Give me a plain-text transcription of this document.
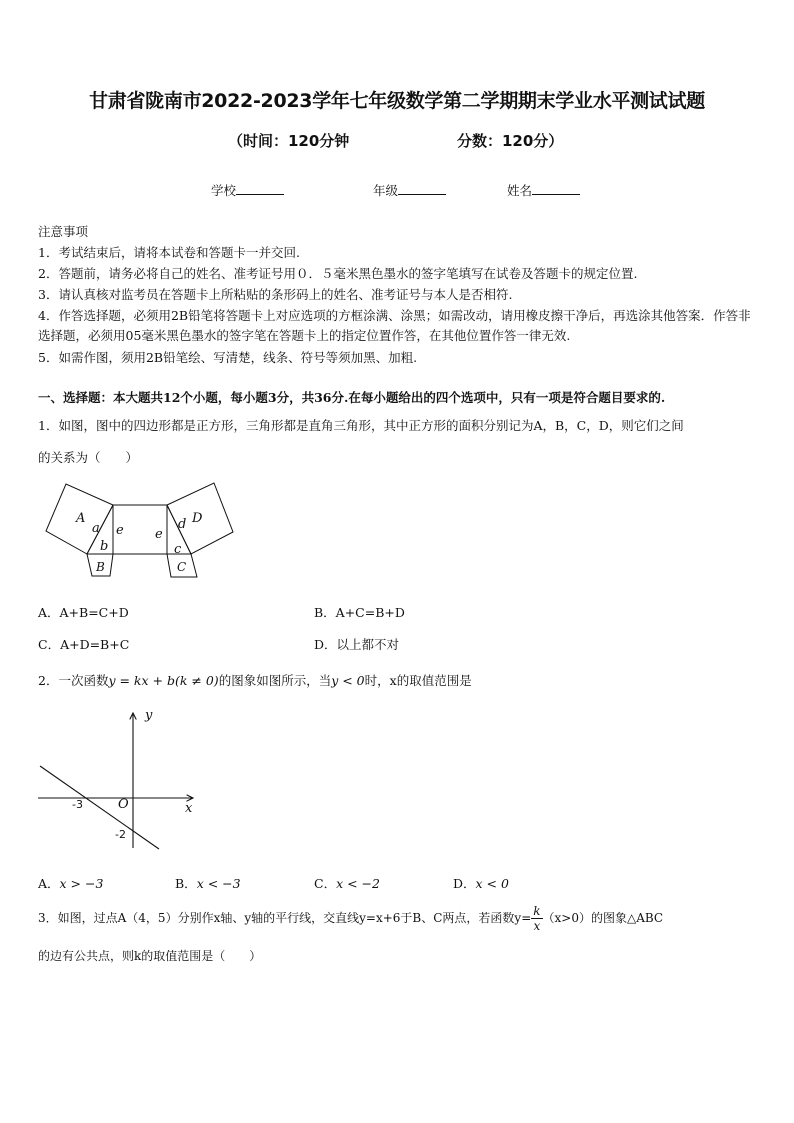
甘肃省陇南市2022-2023学年七年级数学第二学期期末学业水平测试试题
（时间：120分钟	分数：120分）
学校	年级	姓名
注意事项
1．考试结束后，请将本试卷和答题卡一并交回.
2．答题前，请务必将自己的姓名、准考证号用０．５毫米黑色墨水的签字笔填写在试卷及答题卡的规定位置.
3．请认真核对监考员在答题卡上所粘贴的条形码上的姓名、准考证号与本人是否相符.
4．作答选择题，必须用2B铅笔将答题卡上对应选项的方框涂满、涂黑；如需改动，请用橡皮擦干净后，再选涂其他答案．作答非选择题，必须用05毫米黑色墨水的签字笔在答题卡上的指定位置作答，在其他位置作答一律无效.
5．如需作图，须用2B铅笔绘、写清楚，线条、符号等须加黑、加粗.
一、选择题：本大题共12个小题，每小题3分，共36分.在每小题给出的四个选项中，只有一项是符合题目要求的.
1．如图，图中的四边形都是正方形，三角形都是直角三角形，其中正方形的面积分别记为A，B，C，D，则它们之间
的关系为（　　）
A
a
b
B
e e
d D
c
C
A．A+B=C+D	B．A+C=B+D
C．A+D=B+C	D．以上都不对
2．一次函数y = kx + b(k ≠ 0)的图象如图所示，当y < 0时，x的取值范围是
y
x
O
-3
-2
A．x > −3	B．x < −3	C．x < −2	D．x < 0
3．如图，过点A（4，5）分别作x轴、y轴的平行线，交直线y=x+6于B、C两点，若函数$y= \frac{k}{x} (x>0)$的图象△ABC
的边有公共点，则k的取值范围是（　　）
